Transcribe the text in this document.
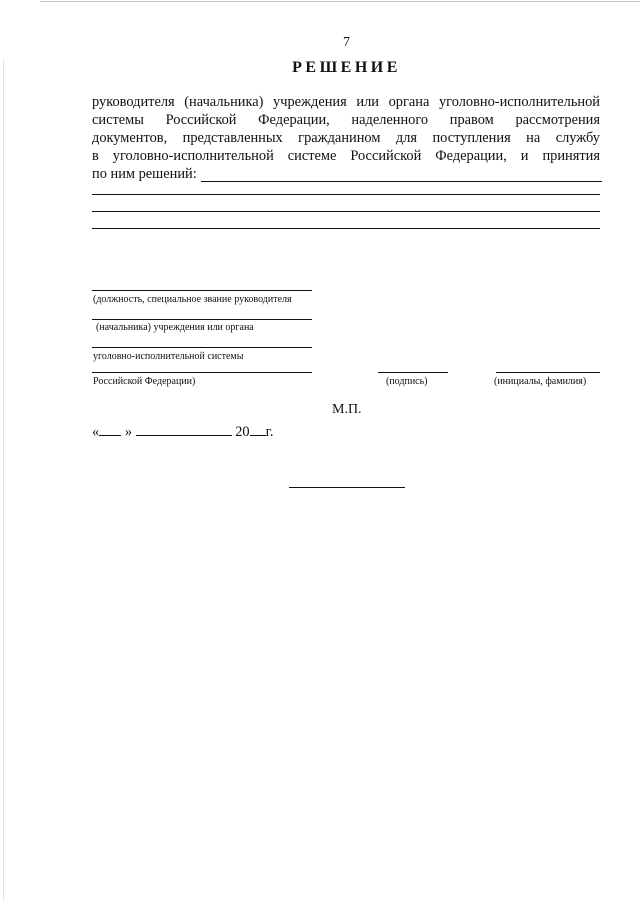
7
РЕШЕНИЕ
руководителя (начальника) учреждения или органа уголовно-исполнительной
системы Российской Федерации, наделенного правом рассмотрения
документов, представленных гражданином для поступления на службу
в уголовно-исполнительной системе Российской Федерации, и принятия
по ним решений:
(должность, специальное звание руководителя
(начальника) учреждения или органа
уголовно-исполнительной системы
Российской Федерации)	(подпись)	(инициалы, фамилия)
М.П.
« »	20 г.
